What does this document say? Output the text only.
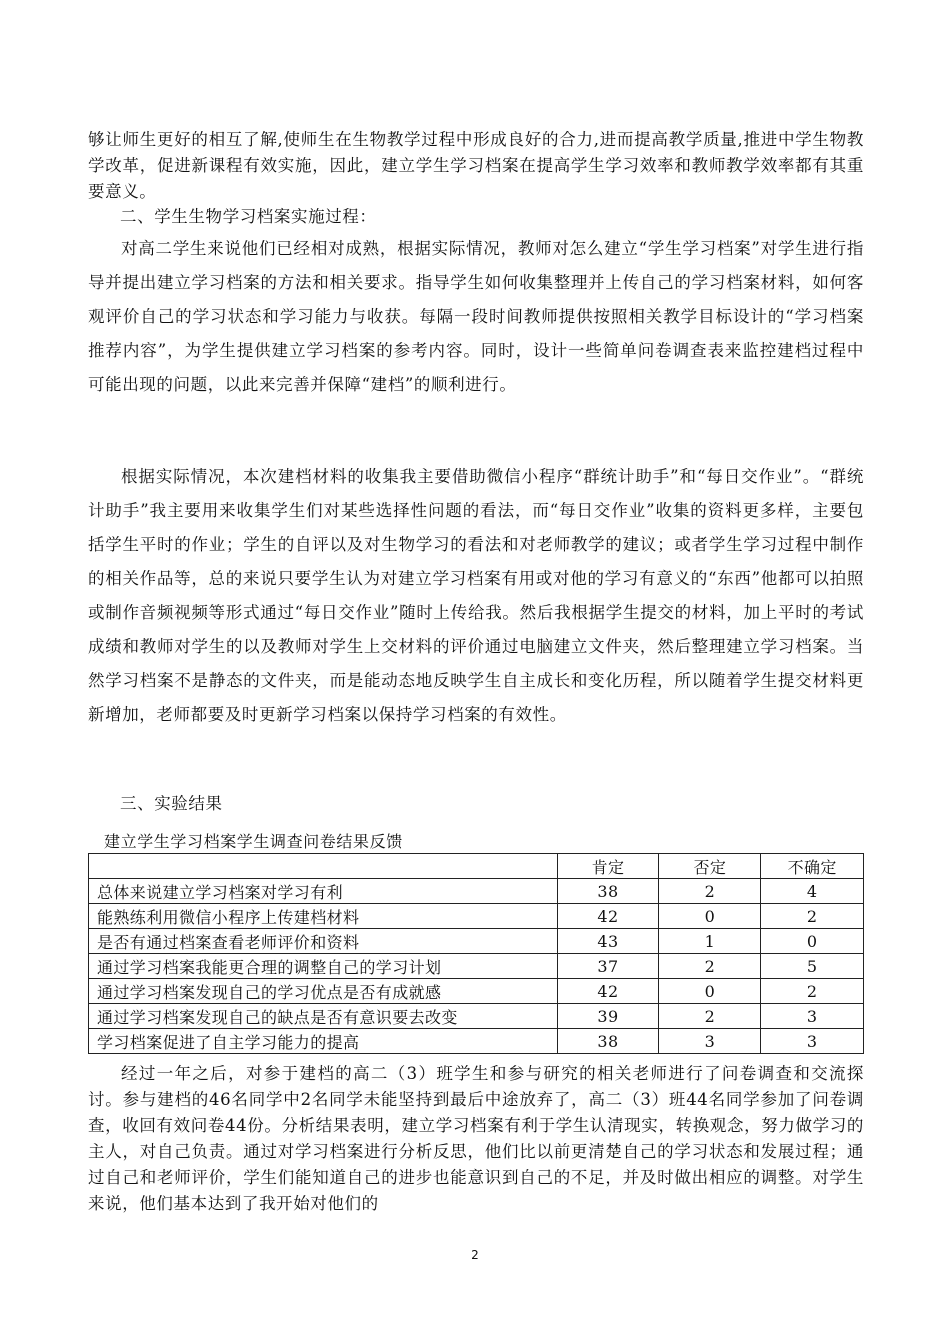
够让师生更好的相互了解,使师生在生物教学过程中形成良好的合力,进而提高教学质量,推进中学生物教学改革，促进新课程有效实施，因此，建立学生学习档案在提高学生学习效率和教师教学效率都有其重要意义。

二、学生生物学习档案实施过程：

对高二学生来说他们已经相对成熟，根据实际情况，教师对怎么建立“学生学习档案”对学生进行指导并提出建立学习档案的方法和相关要求。指导学生如何收集整理并上传自己的学习档案材料，如何客观评价自己的学习状态和学习能力与收获。每隔一段时间教师提供按照相关教学目标设计的“学习档案推荐内容”，为学生提供建立学习档案的参考内容。同时，设计一些简单问卷调查表来监控建档过程中可能出现的问题，以此来完善并保障“建档”的顺利进行。

根据实际情况，本次建档材料的收集我主要借助微信小程序“群统计助手”和“每日交作业”。“群统计助手”我主要用来收集学生们对某些选择性问题的看法，而“每日交作业”收集的资料更多样，主要包括学生平时的作业；学生的自评以及对生物学习的看法和对老师教学的建议；或者学生学习过程中制作的相关作品等，总的来说只要学生认为对建立学习档案有用或对他的学习有意义的“东西”他都可以拍照或制作音频视频等形式通过“每日交作业”随时上传给我。然后我根据学生提交的材料，加上平时的考试成绩和教师对学生的以及教师对学生上交材料的评价通过电脑建立文件夹，然后整理建立学习档案。当然学习档案不是静态的文件夹，而是能动态地反映学生自主成长和变化历程，所以随着学生提交材料更新增加，老师都要及时更新学习档案以保持学习档案的有效性。

三、实验结果
建立学生学习档案学生调查问卷结果反馈
	肯定	否定	不确定
总体来说建立学习档案对学习有利	38	2	4
能熟练利用微信小程序上传建档材料	42	0	2
是否有通过档案查看老师评价和资料	43	1	0
通过学习档案我能更合理的调整自己的学习计划	37	2	5
通过学习档案发现自己的学习优点是否有成就感	42	0	2
通过学习档案发现自己的缺点是否有意识要去改变	39	2	3
学习档案促进了自主学习能力的提高	38	3	3

经过一年之后，对参于建档的高二（3）班学生和参与研究的相关老师进行了问卷调查和交流探讨。参与建档的46名同学中2名同学未能坚持到最后中途放弃了，高二（3）班44名同学参加了问卷调查，收回有效问卷44份。分析结果表明，建立学习档案有利于学生认清现实，转换观念，努力做学习的主人，对自己负责。通过对学习档案进行分析反思，他们比以前更清楚自己的学习状态和发展过程；通过自己和老师评价，学生们能知道自己的进步也能意识到自己的不足，并及时做出相应的调整。对学生来说，他们基本达到了我开始对他们的

2
